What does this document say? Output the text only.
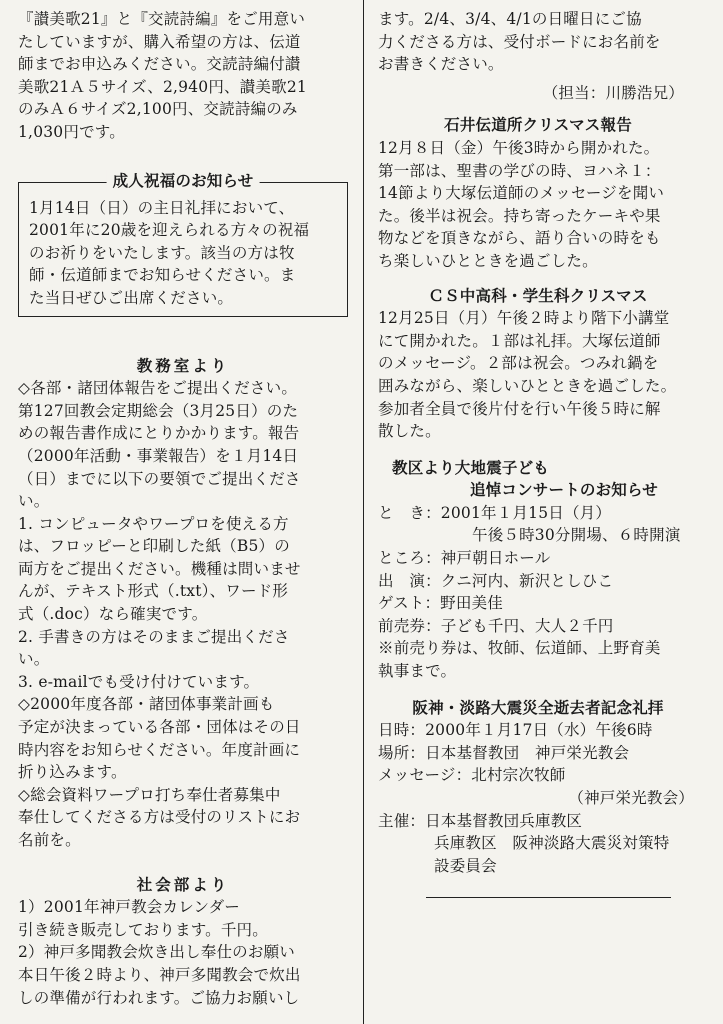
『讃美歌21』と『交読詩編』をご用意い

たしていますが、購入希望の方は、伝道

師までお申込みください。交読詩編付讃

美歌21Ａ５サイズ、2,940円、讃美歌21

のみＡ６サイズ2,100円、交読詩編のみ

1,030円です。

成人祝福のお知らせ

1月14日（日）の主日礼拝において、

2001年に20歳を迎えられる方々の祝福

のお祈りをいたします。該当の方は牧

師・伝道師までお知らせください。ま

た当日ぜひご出席ください。

教務室より

◇各部・諸団体報告をご提出ください。

第127回教会定期総会（3月25日）のた

めの報告書作成にとりかかります。報告

（2000年活動・事業報告）を１月14日

（日）までに以下の要領でご提出くださ

い。

1. コンピュータやワープロを使える方

は、フロッピーと印刷した紙（B5）の

両方をご提出ください。機種は問いませ

んが、テキスト形式（.txt）、ワード形

式（.doc）なら確実です。

2. 手書きの方はそのままご提出くださ

い。

3. e-mailでも受け付けています。

◇2000年度各部・諸団体事業計画も

予定が決まっている各部・団体はその日

時内容をお知らせください。年度計画に

折り込みます。

◇総会資料ワープロ打ち奉仕者募集中

奉仕してくださる方は受付のリストにお

名前を。

社会部より

1）2001年神戸教会カレンダー

引き続き販売しております。千円。

2）神戸多聞教会炊き出し奉仕のお願い

本日午後２時より、神戸多聞教会で炊出

しの準備が行われます。ご協力お願いし

ます。2/4、3/4、4/1の日曜日にご協

力くださる方は、受付ボードにお名前を

お書きください。

（担当：川勝浩兄）

石井伝道所クリスマス報告

12月８日（金）午後3時から開かれた。

第一部は、聖書の学びの時、ヨハネ１：

14節より大塚伝道師のメッセージを聞い

た。後半は祝会。持ち寄ったケーキや果

物などを頂きながら、語り合いの時をも

ち楽しいひとときを過ごした。

ＣＳ中高科・学生科クリスマス

12月25日（月）午後２時より階下小講堂

にて開かれた。１部は礼拝。大塚伝道師

のメッセージ。２部は祝会。つみれ鍋を

囲みながら、楽しいひとときを過ごした。

参加者全員で後片付を行い午後５時に解

散した。

教区より大地震子ども

追悼コンサートのお知らせ

と　き：2001年１月15日（月）

午後５時30分開場、６時開演

ところ：神戸朝日ホール

出　演：クニ河内、新沢としひこ

ゲスト：野田美佳

前売券：子ども千円、大人２千円

※前売り券は、牧師、伝道師、上野育美

執事まで。

阪神・淡路大震災全逝去者記念礼拝

日時：2000年１月17日（水）午後6時

場所：日本基督教団　神戸栄光教会

メッセージ：北村宗次牧師

（神戸栄光教会）

主催：日本基督教団兵庫教区

兵庫教区　阪神淡路大震災対策特

設委員会
